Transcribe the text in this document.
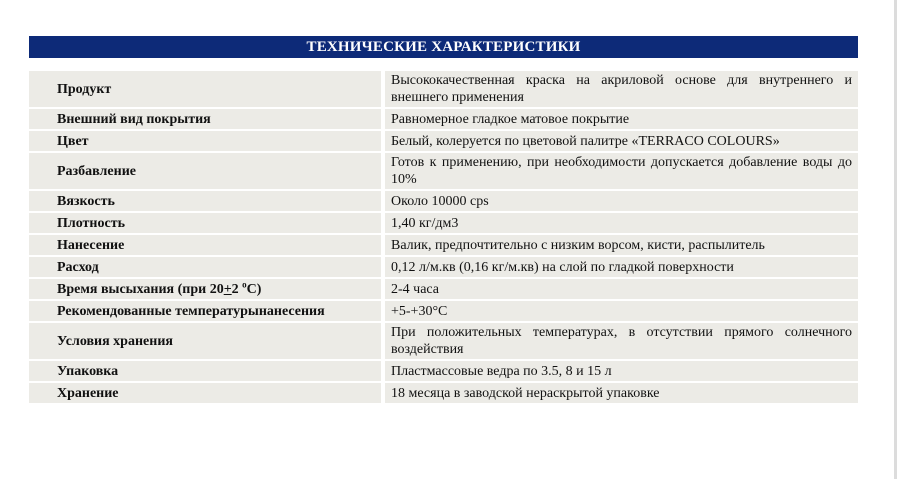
ТЕХНИЧЕСКИЕ ХАРАКТЕРИСТИКИ
Продукт	Высококачественная краска на акриловой основе для внутреннего и внешнего применения
Внешний вид покрытия	Равномерное гладкое матовое покрытие
Цвет	Белый, колеруется по цветовой палитре «TERRACO COLOURS»
Разбавление	Готов к применению, при необходимости допускается добавление воды до 10%
Вязкость	Около 10000 cps
Плотность	1,40 кг/дм3
Нанесение	Валик, предпочтительно с низким ворсом, кисти, распылитель
Расход	0,12 л/м.кв (0,16 кг/м.кв) на слой по гладкой поверхности
Время высыхания (при 20+2 $^o$С)	2-4 часа
Рекомендованные температурынанесения	+5-+30°С
Условия хранения	При положительных температурах, в отсутствии прямого солнечного воздействия
Упаковка	Пластмассовые ведра по 3.5, 8 и 15 л
Хранение	18 месяца в заводской нераскрытой упаковке
